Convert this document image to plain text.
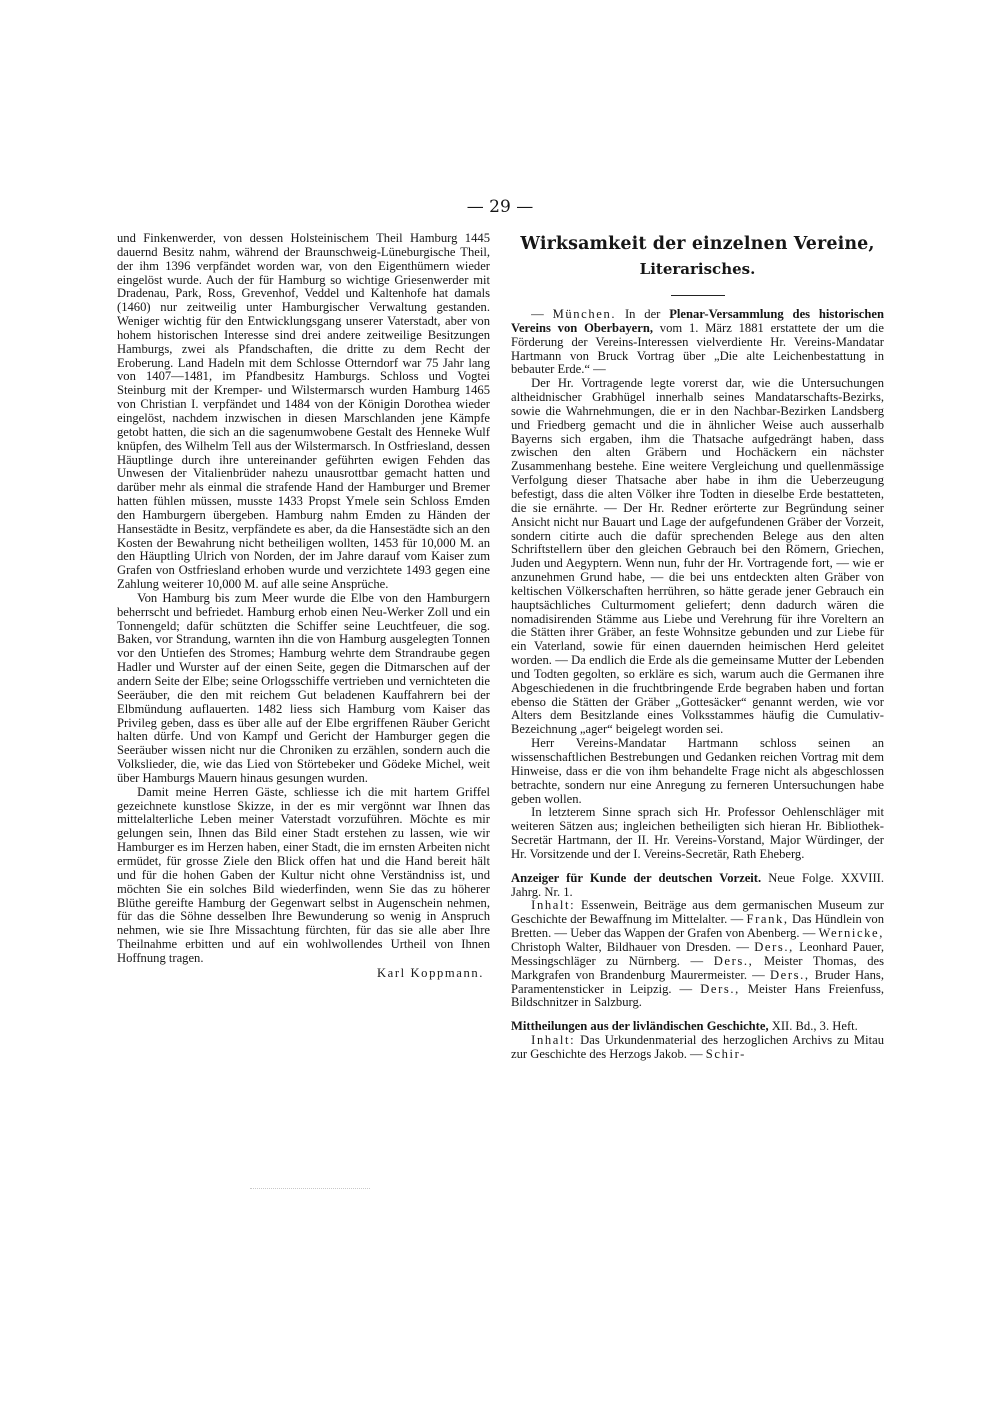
— 29 —

und Finkenwerder, von dessen Holsteinischem Theil Hamburg 1445 dauernd Besitz nahm, während der Braunschweig-Lüneburgische Theil, der ihm 1396 verpfändet worden war, von den Eigenthümern wieder eingelöst wurde. Auch der für Hamburg so wichtige Griesenwerder mit Dradenau, Park, Ross, Grevenhof, Veddel und Kaltenhofe hat damals (1460) nur zeitweilig unter Hamburgischer Verwaltung gestanden. Weniger wichtig für den Entwicklungsgang unserer Vaterstadt, aber von hohem historischen Interesse sind drei andere zeitweilige Besitzungen Hamburgs, zwei als Pfandschaften, die dritte zu dem Recht der Eroberung. Land Hadeln mit dem Schlosse Otterndorf war 75 Jahr lang von 1407—1481, im Pfandbesitz Hamburgs. Schloss und Vogtei Steinburg mit der Kremper- und Wilstermarsch wurden Hamburg 1465 von Christian I. verpfändet und 1484 von der Königin Dorothea wieder eingelöst, nachdem inzwischen in diesen Marschlanden jene Kämpfe getobt hatten, die sich an die sagenumwobene Gestalt des Henneke Wulf knüpfen, des Wilhelm Tell aus der Wilstermarsch. In Ostfriesland, dessen Häuptlinge durch ihre untereinander geführten ewigen Fehden das Unwesen der Vitalienbrüder nahezu unausrottbar gemacht hatten und darüber mehr als einmal die strafende Hand der Hamburger und Bremer hatten fühlen müssen, musste 1433 Propst Ymele sein Schloss Emden den Hamburgern übergeben. Hamburg nahm Emden zu Händen der Hansestädte in Besitz, verpfändete es aber, da die Hansestädte sich an den Kosten der Bewahrung nicht betheiligen wollten, 1453 für 10,000 M. an den Häuptling Ulrich von Norden, der im Jahre darauf vom Kaiser zum Grafen von Ostfriesland erhoben wurde und verzichtete 1493 gegen eine Zahlung weiterer 10,000 M. auf alle seine Ansprüche.

Von Hamburg bis zum Meer wurde die Elbe von den Hamburgern beherrscht und befriedet. Hamburg erhob einen Neu-Werker Zoll und ein Tonnengeld; dafür schützten die Schiffer seine Leuchtfeuer, die sog. Baken, vor Strandung, warnten ihn die von Hamburg ausgelegten Tonnen vor den Untiefen des Stromes; Hamburg wehrte dem Strandraube gegen Hadler und Wurster auf der einen Seite, gegen die Ditmarschen auf der andern Seite der Elbe; seine Orlogsschiffe vertrieben und vernichteten die Seeräuber, die den mit reichem Gut beladenen Kauffahrern bei der Elbmündung auflauerten. 1482 liess sich Hamburg vom Kaiser das Privileg geben, dass es über alle auf der Elbe ergriffenen Räuber Gericht halten dürfe. Und von Kampf und Gericht der Hamburger gegen die Seeräuber wissen nicht nur die Chroniken zu erzählen, sondern auch die Volkslieder, die, wie das Lied von Störtebeker und Gödeke Michel, weit über Hamburgs Mauern hinaus gesungen wurden.

Damit meine Herren Gäste, schliesse ich die mit hartem Griffel gezeichnete kunstlose Skizze, in der es mir vergönnt war Ihnen das mittelalterliche Leben meiner Vaterstadt vorzuführen. Möchte es mir gelungen sein, Ihnen das Bild einer Stadt erstehen zu lassen, wie wir Hamburger es im Herzen haben, einer Stadt, die im ernsten Arbeiten nicht ermüdet, für grosse Ziele den Blick offen hat und die Hand bereit hält und für die hohen Gaben der Kultur nicht ohne Verständniss ist, und möchten Sie ein solches Bild wiederfinden, wenn Sie das zu höherer Blüthe gereifte Hamburg der Gegenwart selbst in Augenschein nehmen, für das die Söhne desselben Ihre Bewunderung so wenig in Anspruch nehmen, wie sie Ihre Missachtung fürchten, für das sie alle aber Ihre Theilnahme erbitten und auf ein wohlwollendes Urtheil von Ihnen Hoffnung tragen.

Karl Koppmann.
Wirksamkeit der einzelnen Vereine,
Literarisches.

— München. In der Plenar-Versammlung des historischen Vereins von Oberbayern, vom 1. März 1881 erstattete der um die Förderung der Vereins-Interessen vielverdiente Hr. Vereins-Mandatar Hartmann von Bruck Vortrag über „Die alte Leichenbestattung in bebauter Erde.“ —

Der Hr. Vortragende legte vorerst dar, wie die Untersuchungen altheidnischer Grabhügel innerhalb seines Mandatarschafts-Bezirks, sowie die Wahrnehmungen, die er in den Nachbar-Bezirken Landsberg und Friedberg gemacht und die in ähnlicher Weise auch ausserhalb Bayerns sich ergaben, ihm die Thatsache aufgedrängt haben, dass zwischen den alten Gräbern und Hochäckern ein nächster Zusammenhang bestehe. Eine weitere Vergleichung und quellenmässige Verfolgung dieser Thatsache aber habe in ihm die Ueberzeugung befestigt, dass die alten Völker ihre Todten in dieselbe Erde bestatteten, die sie ernährte. — Der Hr. Redner erörterte zur Begründung seiner Ansicht nicht nur Bauart und Lage der aufgefundenen Gräber der Vorzeit, sondern citirte auch die dafür sprechenden Belege aus den alten Schriftstellern über den gleichen Gebrauch bei den Römern, Griechen, Juden und Aegyptern. Wenn nun, fuhr der Hr. Vortragende fort, — wie er anzunehmen Grund habe, — die bei uns entdeckten alten Gräber von keltischen Völkerschaften herrühren, so hätte gerade jener Gebrauch ein hauptsächliches Culturmoment geliefert; denn dadurch wären die nomadisirenden Stämme aus Liebe und Verehrung für ihre Voreltern an die Stätten ihrer Gräber, an feste Wohnsitze gebunden und zur Liebe für ein Vaterland, sowie für einen dauernden heimischen Herd geleitet worden. — Da endlich die Erde als die gemeinsame Mutter der Lebenden und Todten gegolten, so erkläre es sich, warum auch die Germanen ihre Abgeschiedenen in die fruchtbringende Erde begraben haben und fortan ebenso die Stätten der Gräber „Gottesäcker“ genannt werden, wie vor Alters dem Besitzlande eines Volksstammes häufig die Cumulativ-Bezeichnung „ager“ beigelegt worden sei.

Herr Vereins-Mandatar Hartmann schloss seinen an wissenschaftlichen Bestrebungen und Gedanken reichen Vortrag mit dem Hinweise, dass er die von ihm behandelte Frage nicht als abgeschlossen betrachte, sondern nur eine Anregung zu ferneren Untersuchungen habe geben wollen.

In letzterem Sinne sprach sich Hr. Professor Oehlenschläger mit weiteren Sätzen aus; ingleichen betheiligten sich hieran Hr. Bibliothek-Secretär Hartmann, der II. Hr. Vereins-Vorstand, Major Würdinger, der Hr. Vorsitzende und der I. Vereins-Secretär, Rath Eheberg.

Anzeiger für Kunde der deutschen Vorzeit. Neue Folge. XXVIII. Jahrg. Nr. 1.

Inhalt: Essenwein, Beiträge aus dem germanischen Museum zur Geschichte der Bewaffnung im Mittelalter. — Frank, Das Hündlein von Bretten. — Ueber das Wappen der Grafen von Abenberg. — Wernicke, Christoph Walter, Bildhauer von Dresden. — Ders., Leonhard Pauer, Messingschläger zu Nürnberg. — Ders., Meister Thomas, des Markgrafen von Brandenburg Maurermeister. — Ders., Bruder Hans, Paramentensticker in Leipzig. — Ders., Meister Hans Freienfuss, Bildschnitzer in Salzburg.

Mittheilungen aus der livländischen Geschichte, XII. Bd., 3. Heft.

Inhalt: Das Urkundenmaterial des herzoglichen Archivs zu Mitau zur Geschichte des Herzogs Jakob. — Schir-
